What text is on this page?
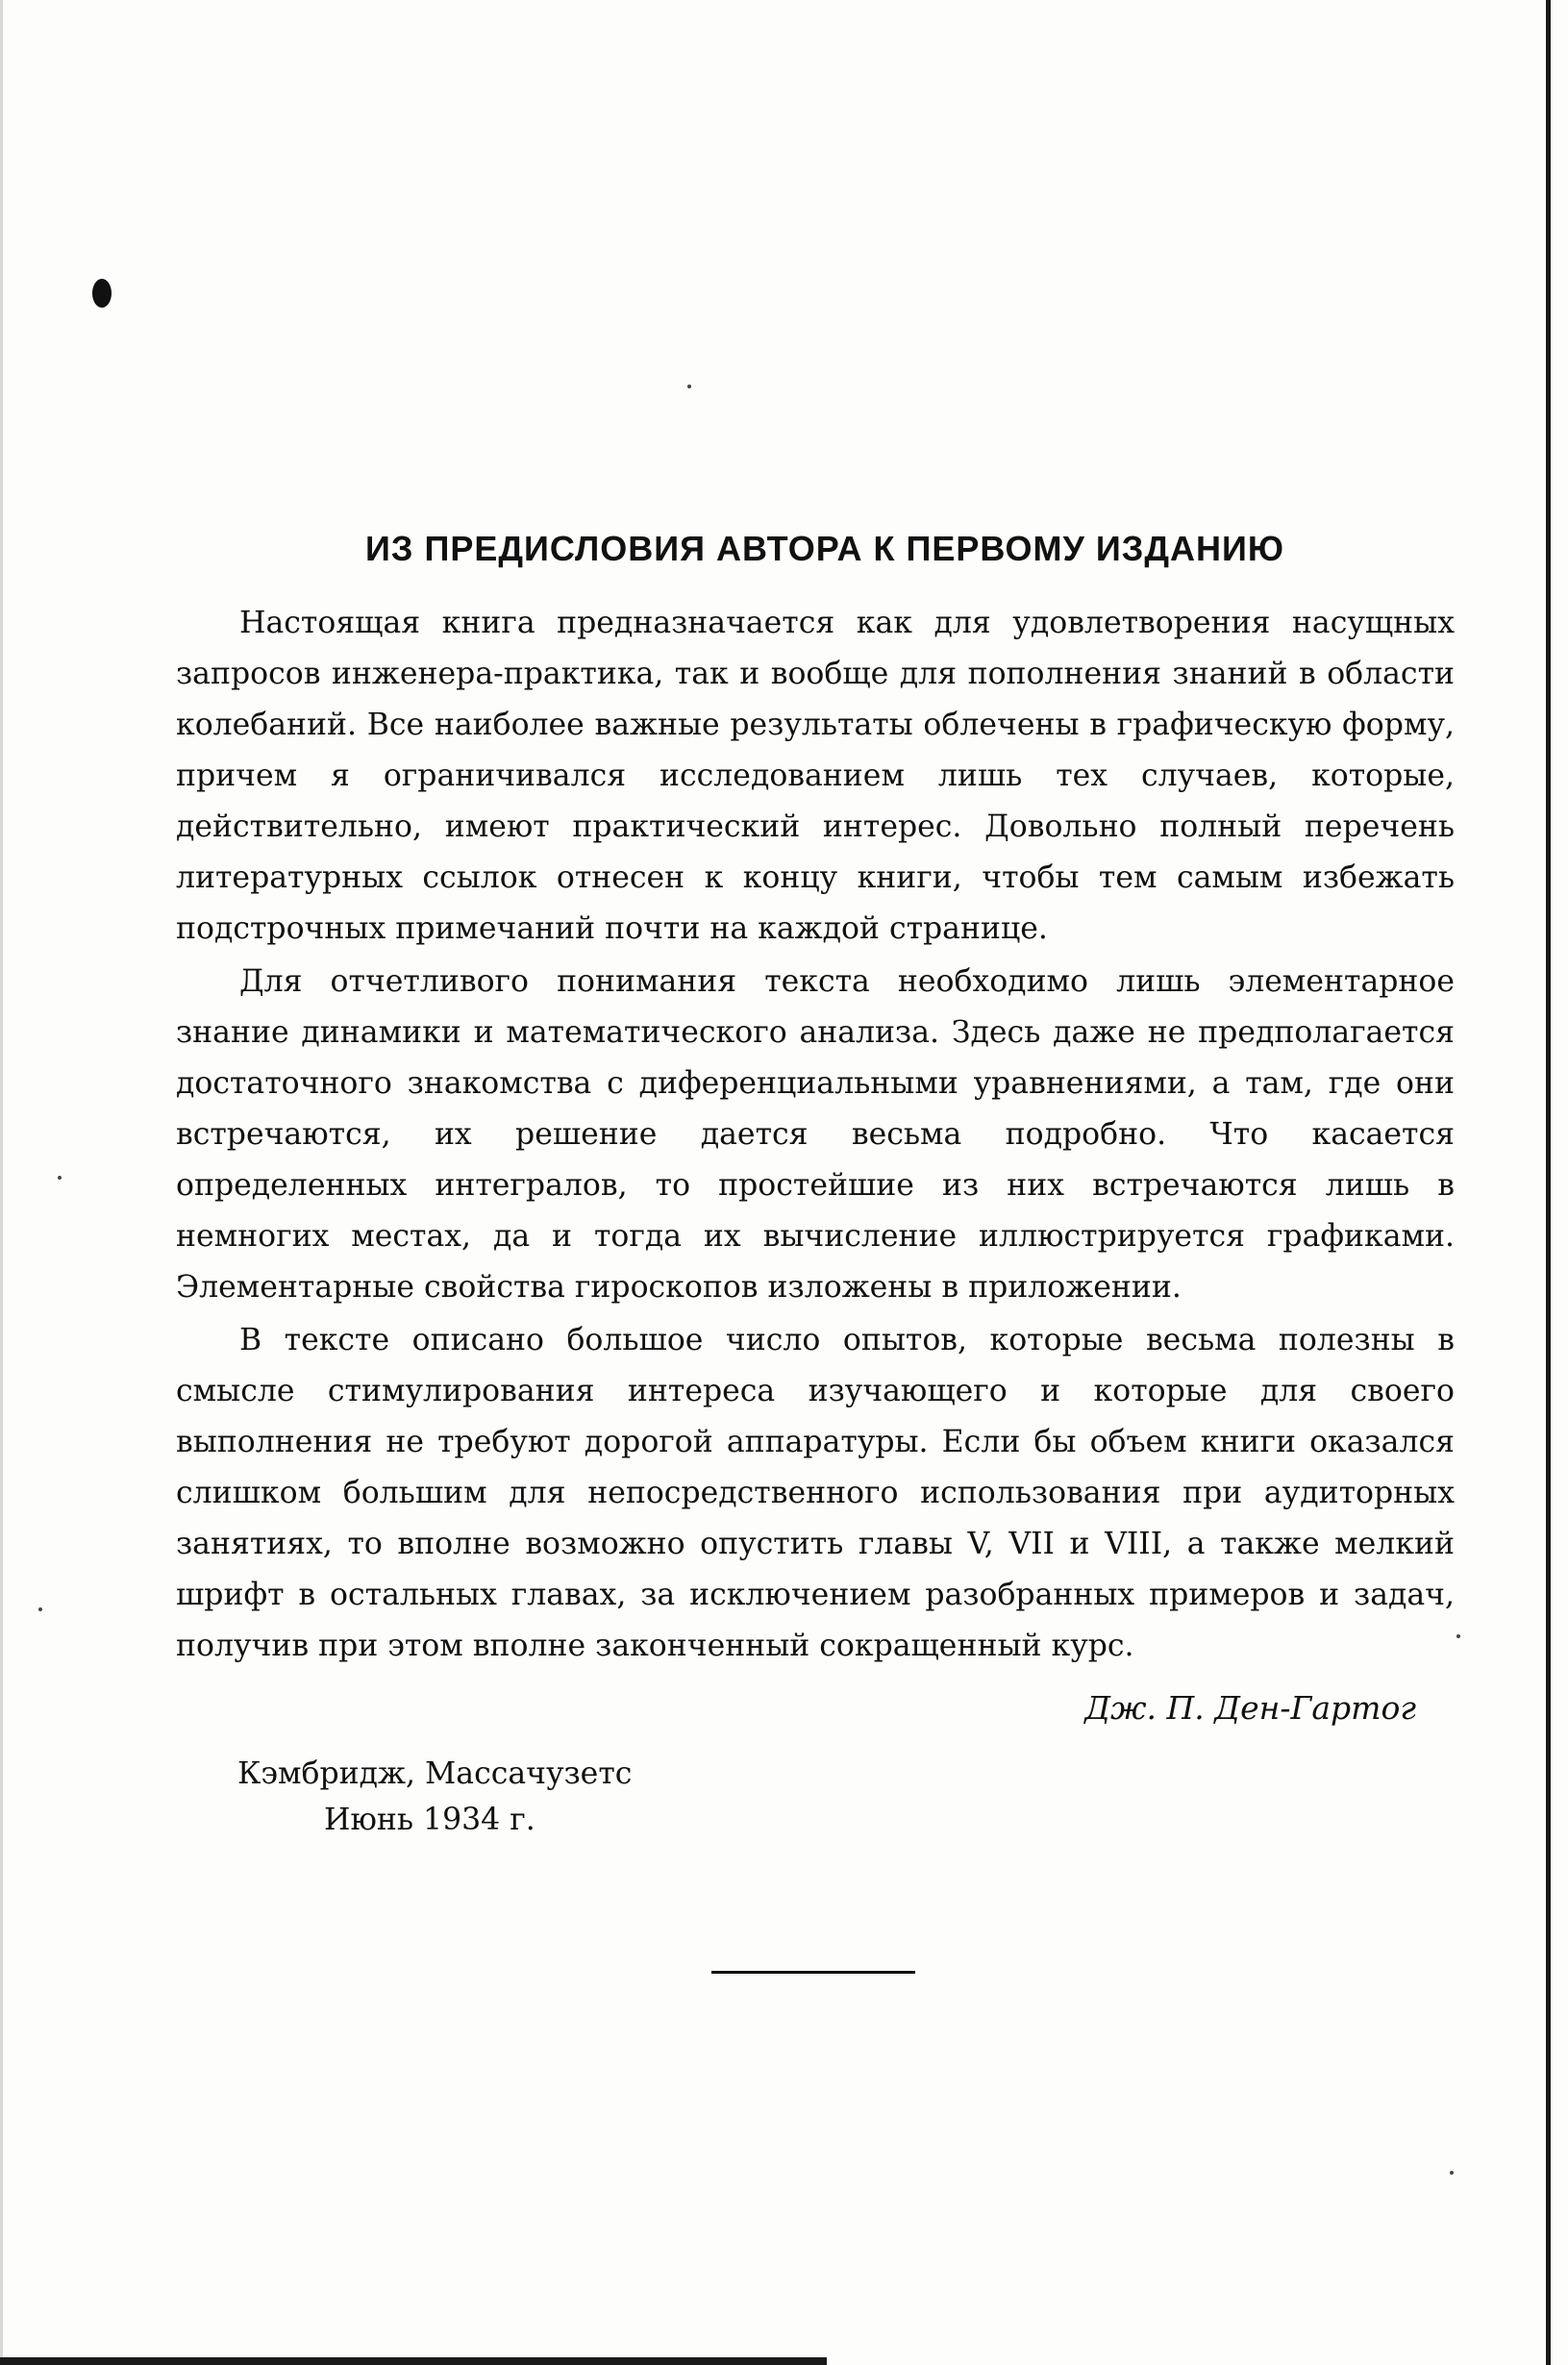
ИЗ ПРЕДИСЛОВИЯ АВТОРА К ПЕРВОМУ ИЗДАНИЮ

Настоящая книга предназначается как для удовлетворения насущных запросов инженера-практика, так и вообще для пополнения знаний в области колебаний. Все наиболее важные результаты облечены в графическую форму, причем я ограничивался исследованием лишь тех случаев, которые, действительно, имеют практический интерес. Довольно полный перечень литературных ссылок отнесен к концу книги, чтобы тем самым избежать подстрочных примечаний почти на каждой странице.

Для отчетливого понимания текста необходимо лишь элементарное знание динамики и математического анализа. Здесь даже не предполагается достаточного знакомства с диференциальными уравнениями, а там, где они встречаются, их решение дается весьма подробно. Что касается определенных интегралов, то простейшие из них встречаются лишь в немногих местах, да и тогда их вычисление иллюстрируется графиками. Элементарные свойства гироскопов изложены в приложении.

В тексте описано большое число опытов, которые весьма полезны в смысле стимулирования интереса изучающего и которые для своего выполнения не требуют дорогой аппаратуры. Если бы объем книги оказался слишком большим для непосредственного использования при аудиторных занятиях, то вполне возможно опустить главы V, VII и VIII, а также мелкий шрифт в остальных главах, за исключением разобранных примеров и задач, получив при этом вполне законченный сокращенный курс.

Дж. П. Ден-Гартог
Кэмбридж, Массачузетс
Июнь 1934 г.
